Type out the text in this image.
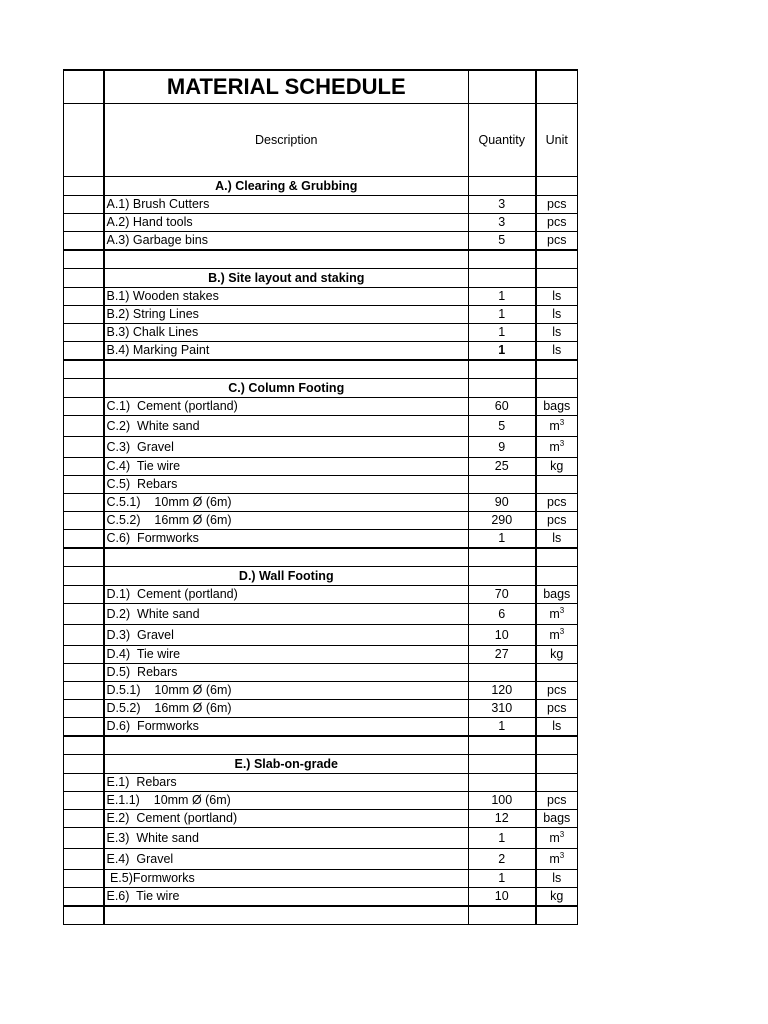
	MATERIAL SCHEDULE		
	Description	Quantity	Unit
	A.) Clearing & Grubbing		
	A.1) Brush Cutters	3	pcs
	A.2) Hand tools	3	pcs
	A.3) Garbage bins	5	pcs

	B.) Site layout and staking		
	B.1) Wooden stakes	1	ls
	B.2) String Lines	1	ls
	B.3) Chalk Lines	1	ls
	B.4) Marking Paint	1	ls

	C.) Column Footing		
	C.1)  Cement (portland)	60	bags
	C.2)  White sand	5	$m^3$
	C.3)  Gravel	9	$m^3$
	C.4)  Tie wire	25	kg
	C.5)  Rebars		
	C.5.1)    10mm Ø (6m)	90	pcs
	C.5.2)    16mm Ø (6m)	290	pcs
	C.6)  Formworks	1	ls

	D.) Wall Footing		
	D.1)  Cement (portland)	70	bags
	D.2)  White sand	6	$m^3$
	D.3)  Gravel	10	$m^3$
	D.4)  Tie wire	27	kg
	D.5)  Rebars		
	D.5.1)    10mm Ø (6m)	120	pcs
	D.5.2)    16mm Ø (6m)	310	pcs
	D.6)  Formworks	1	ls

	E.) Slab-on-grade		
	E.1)  Rebars		
	E.1.1)    10mm Ø (6m)	100	pcs
	E.2)  Cement (portland)	12	bags
	E.3)  White sand	1	$m^3$
	E.4)  Gravel	2	$m^3$
	E.5)Formworks	1	ls
	E.6)  Tie wire	10	kg
